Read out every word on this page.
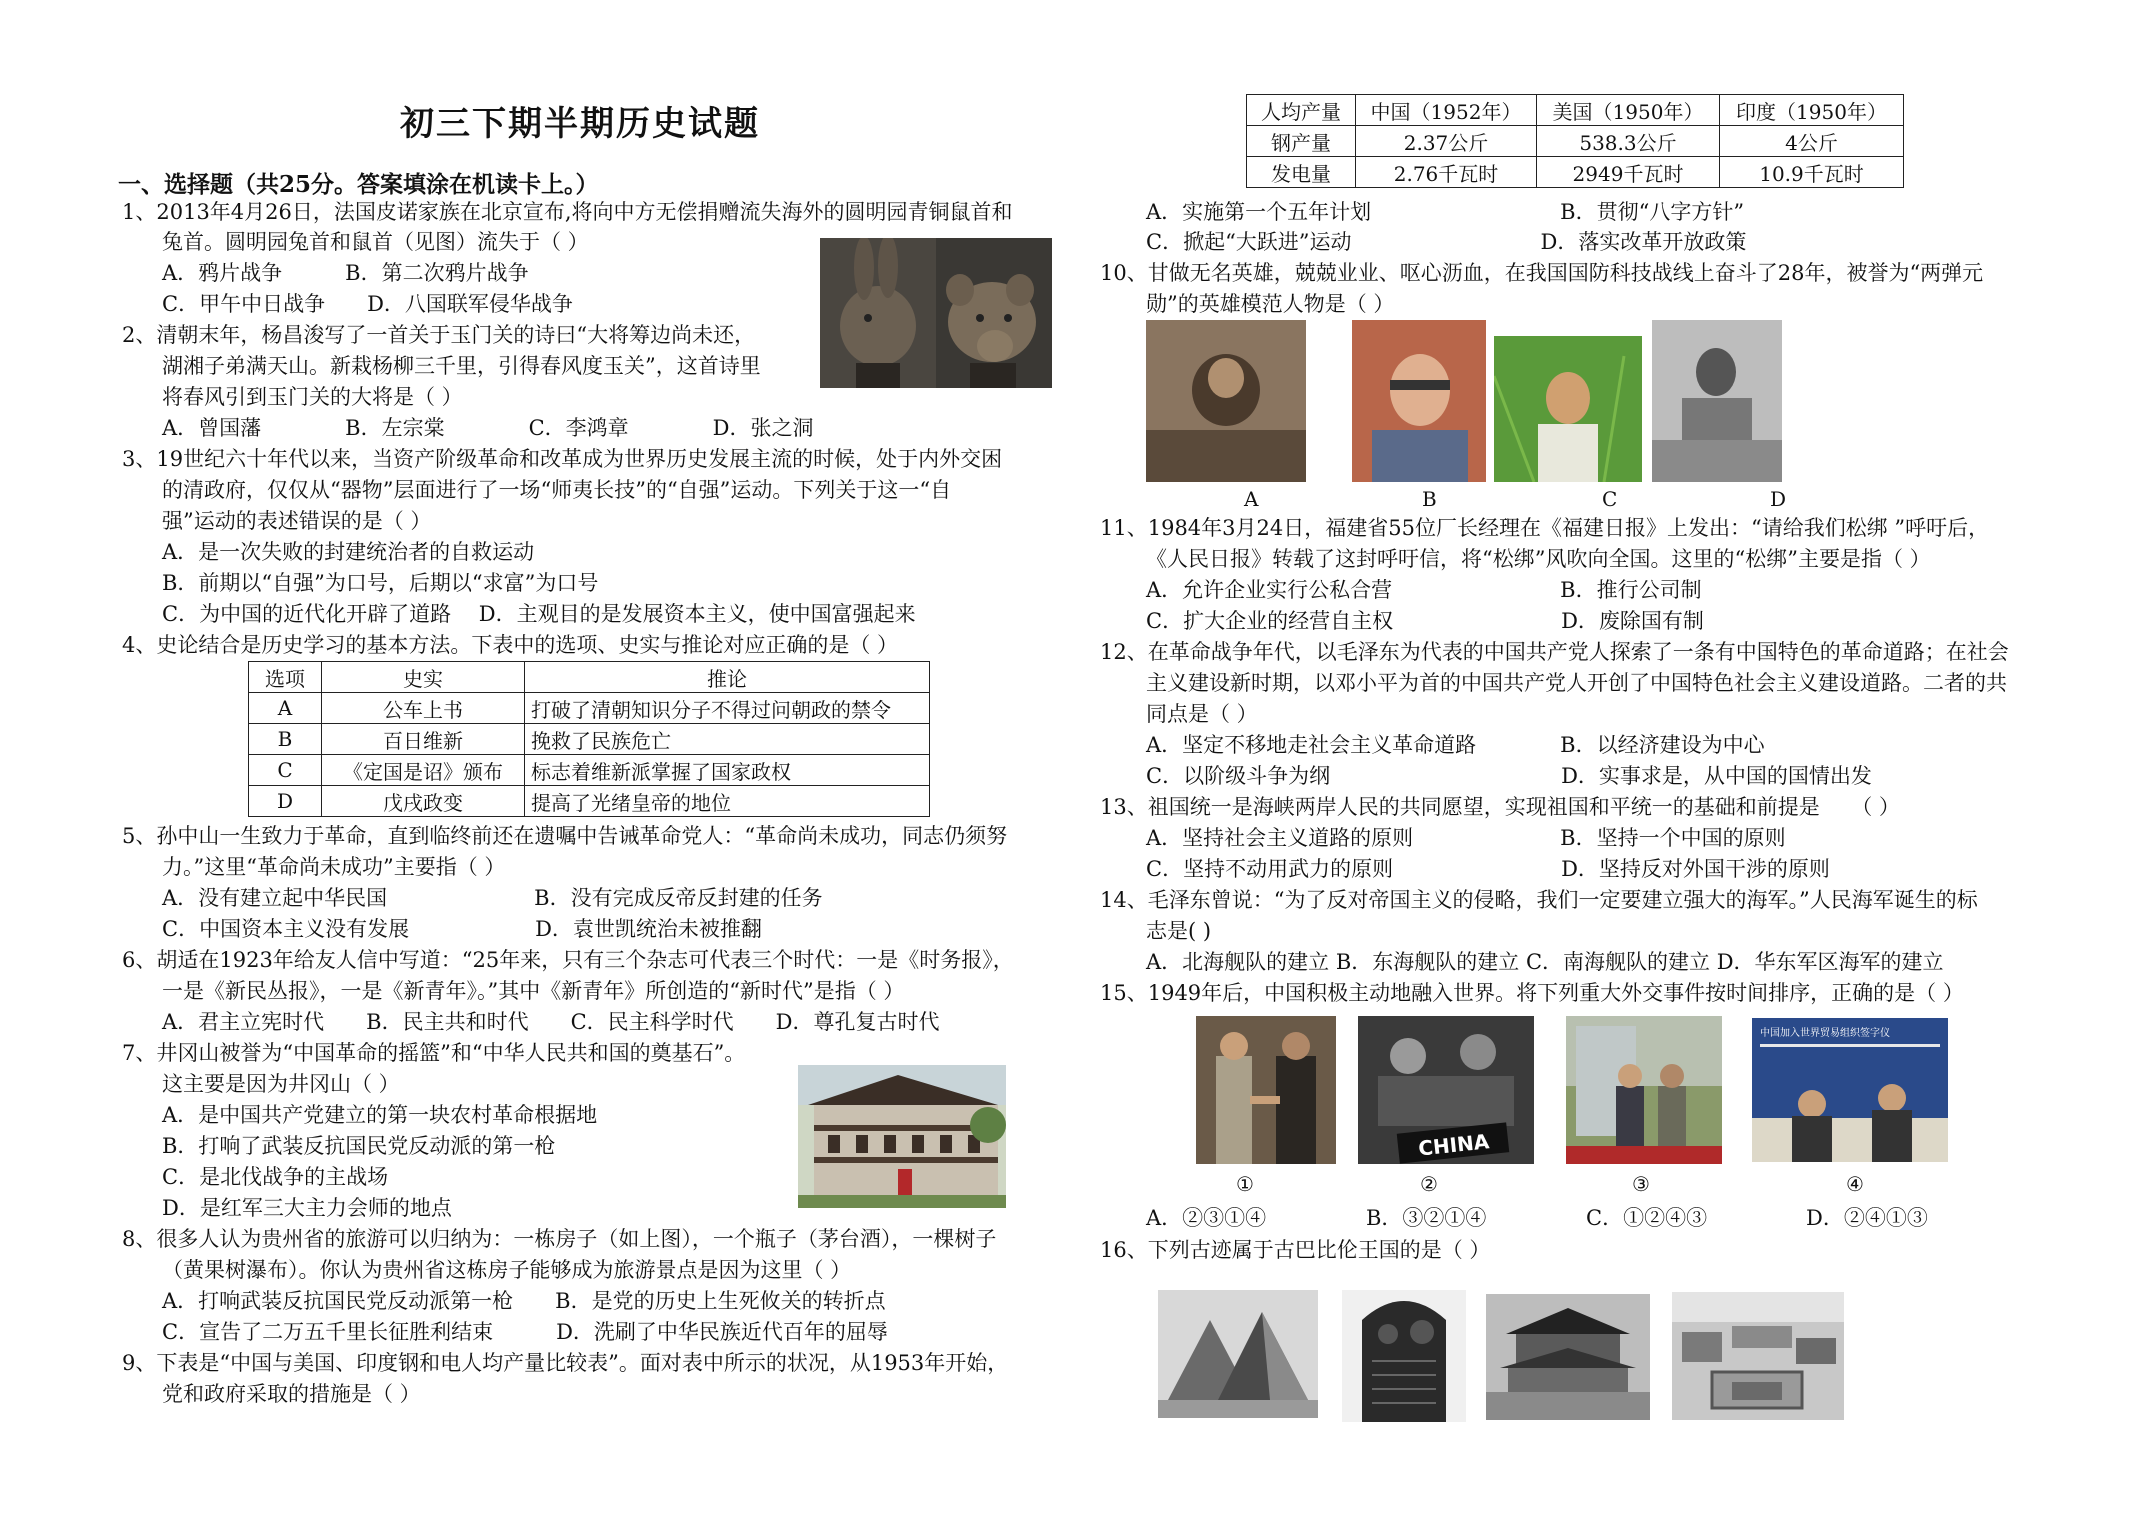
初三下期半期历史试题
一、选择题（共25分。答案填涂在机读卡上。）
1、2013年4月26日，法国皮诺家族在北京宣布,将向中方无偿捐赠流失海外的圆明园青铜鼠首和
兔首。圆明园兔首和鼠首（见图）流失于（ ）
A．鸦片战争　　　B．第二次鸦片战争
C．甲午中日战争　　D．八国联军侵华战争
2、清朝末年，杨昌浚写了一首关于玉门关的诗曰“大将筹边尚未还，
湖湘子弟满天山。新栽杨柳三千里，引得春风度玉关”，这首诗里
将春风引到玉门关的大将是（ ）
A．曾国藩　　　　B．左宗棠　　　　C．李鸿章　　　　D．张之洞
3、19世纪六十年代以来，当资产阶级革命和改革成为世界历史发展主流的时候，处于内外交困
的清政府，仅仅从“器物”层面进行了一场“师夷长技”的“自强”运动。下列关于这一“自
强”运动的表述错误的是（ ）
A．是一次失败的封建统治者的自救运动
B．前期以“自强”为口号，后期以“求富”为口号
C．为中国的近代化开辟了道路　 D．主观目的是发展资本主义，使中国富强起来
4、史论结合是历史学习的基本方法。下表中的选项、史实与推论对应正确的是（ ）
选项	史实	推论
A	公车上书	打破了清朝知识分子不得过问朝政的禁令
B	百日维新	挽救了民族危亡
C	《定国是诏》颁布	标志着维新派掌握了国家政权
D	戊戌政变	提高了光绪皇帝的地位
5、孙中山一生致力于革命，直到临终前还在遗嘱中告诫革命党人：“革命尚未成功，同志仍须努
力。”这里“革命尚未成功”主要指（ ）
A．没有建立起中华民国　　　　　　　B．没有完成反帝反封建的任务
C．中国资本主义没有发展　　　　　　D．袁世凯统治未被推翻
6、胡适在1923年给友人信中写道：“25年来，只有三个杂志可代表三个时代：一是《时务报》，
一是《新民丛报》，一是《新青年》。”其中《新青年》所创造的“新时代”是指（ ）
A．君主立宪时代　　B．民主共和时代　　C．民主科学时代　　D．尊孔复古时代
7、井冈山被誉为“中国革命的摇篮”和“中华人民共和国的奠基石”。
这主要是因为井冈山（ ）
A．是中国共产党建立的第一块农村革命根据地
B．打响了武装反抗国民党反动派的第一枪
C．是北伐战争的主战场
D．是红军三大主力会师的地点
8、很多人认为贵州省的旅游可以归纳为：一栋房子（如上图），一个瓶子（茅台酒），一棵树子
（黄果树瀑布）。你认为贵州省这栋房子能够成为旅游景点是因为这里（ ）
A．打响武装反抗国民党反动派第一枪　　B．是党的历史上生死攸关的转折点
C．宣告了二万五千里长征胜利结束　　　D．洗刷了中华民族近代百年的屈辱
9、下表是“中国与美国、印度钢和电人均产量比较表”。面对表中所示的状况，从1953年开始，
党和政府采取的措施是（ ）
人均产量	中国（1952年）	美国（1950年）	印度（1950年）
钢产量	2.37公斤	538.3公斤	4公斤
发电量	2.76千瓦时	2949千瓦时	10.9千瓦时
A．实施第一个五年计划　　　　　　　　　B．贯彻“八字方针”
C．掀起“大跃进”运动　　　　　　　　　D．落实改革开放政策
10、甘做无名英雄，兢兢业业、呕心沥血，在我国国防科技战线上奋斗了28年，被誉为“两弹元
勋”的英雄模范人物是（ ）
A	B	C	D
11、1984年3月24日，福建省55位厂长经理在《福建日报》上发出：“请给我们松绑 ”呼吁后，
《人民日报》转载了这封呼吁信，将“松绑”风吹向全国。这里的“松绑”主要是指（ ）
A．允许企业实行公私合营　　　　　　　　B．推行公司制
C．扩大企业的经营自主权　　　　　　　　D．废除国有制
12、在革命战争年代，以毛泽东为代表的中国共产党人探索了一条有中国特色的革命道路；在社会
主义建设新时期，以邓小平为首的中国共产党人开创了中国特色社会主义建设道路。二者的共
同点是（ ）
A．坚定不移地走社会主义革命道路　　　　B．以经济建设为中心
C．以阶级斗争为纲　　　　　　　　　　　D．实事求是，从中国的国情出发
13、祖国统一是海峡两岸人民的共同愿望，实现祖国和平统一的基础和前提是　　（ ）
A．坚持社会主义道路的原则　　　　　　　B．坚持一个中国的原则
C．坚持不动用武力的原则　　　　　　　　D．坚持反对外国干涉的原则
14、毛泽东曾说：“为了反对帝国主义的侵略，我们一定要建立强大的海军。”人民海军诞生的标
志是( )
A．北海舰队的建立 B．东海舰队的建立 C．南海舰队的建立 D．华东军区海军的建立
15、1949年后，中国积极主动地融入世界。将下列重大外交事件按时间排序，正确的是（ ）
CHINA
中国加入世界贸易组织签字仪
①	②	③	④
A．②③①④	B．③②①④	C．①②④③	D．②④①③
16、下列古迹属于古巴比伦王国的是（ ）
